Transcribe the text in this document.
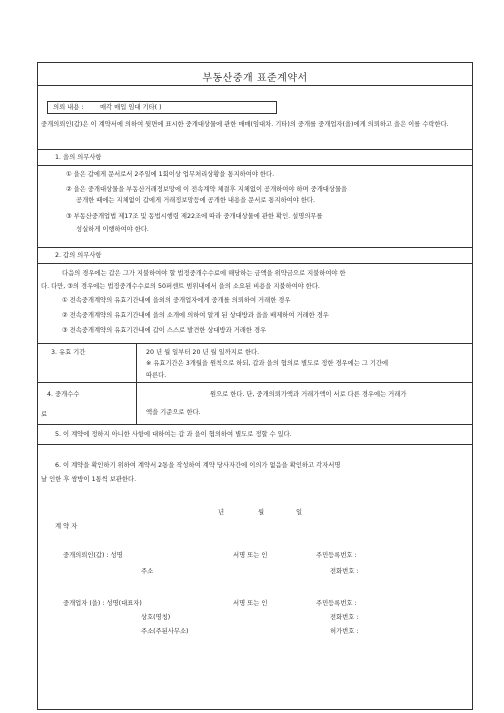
부동산중개 표준계약서
의뢰 내용 :	매각 매입 임대 기타( )
중개의뢰인(갑)은 이 계약서에 의하여 뒷면에 표시한 중개대상물에 관한 매매(임대차. 기타)의 중개를 중개업자(을)에게 의뢰하고 을은 이를 수락한다.
1. 을의 의무사항
① 을은 갑에게 문서로서 2주일에 1회이상 업무처리상황을 통지하여야 한다.
② 을은 중개대상물을 부동산거래정보망에 이 전속계약 체결후 지체없이 공개하여야 하며 중개대상물을
공개한 때에는 지체없이 갑에게 거래정보망등에 공개한 내용을 문서로 통지하여야 한다.
③ 부동산중개업법 제17조 및 동법시행령 제22조에 따라 중개대상물에 관한 확인. 설명의무를
성실하게 이행하여야 한다.
2. 갑의 의무사항
다음의 경우에는 갑은 그가 지불하여야 할 법정중개수수료에 해당하는 금액을 위약금으로 지불하여야 한
다. 다만, ③의 경우에는 법정중개수수료의 50퍼센트 범위내에서 을의 소요된 비용을 지불하여야 한다.
① 전속중개계약의 유효기간내에 을외의 중개업자에게 중개를 의뢰하여 거래한 경우
② 전속중개계약의 유효기간내에 을의 소개에 의하여 알게 된 상대방과 을을 배제하여 거래한 경우
③ 전속중개계약의 유효기간내에 갑이 스스로 발견한 상대방과 거래한 경우
3. 유효 기간	20 년 월 일부터 20 년 월 일까지로 한다.
※ 유효기간은 3개월을 원칙으로 하되, 갑과 을의 협의로 별도로 정한 경우에는 그 기간에
따른다.
4. 중개수수
료
원으로 한다. 단, 중개의뢰가액과 거래가액이 서로 다른 경우에는 거래가
액을 기준으로 한다.
5. 이 계약에 정하지 아니한 사항에 대하여는 갑 과 을이 협의하여 별도로 정할 수 있다.
6. 이 계약을 확인하기 위하여 계약서 2통을 작성하여 계약 당사자간에 이의가 없음을 확인하고 각자서명
날 인한 후 쌍방이 1통씩 보관한다.
년	월	일
계 약 자
중개의뢰인(갑) : 성명	서명 또는 인	주민등록번호 :
주소	전화번호 :
중개업자 (을) : 성명(대표자)	서명 또는 인	주민등록번호 :
상호(명칭)	전화번호 :
주소(주된사무소)	허가번호 :
